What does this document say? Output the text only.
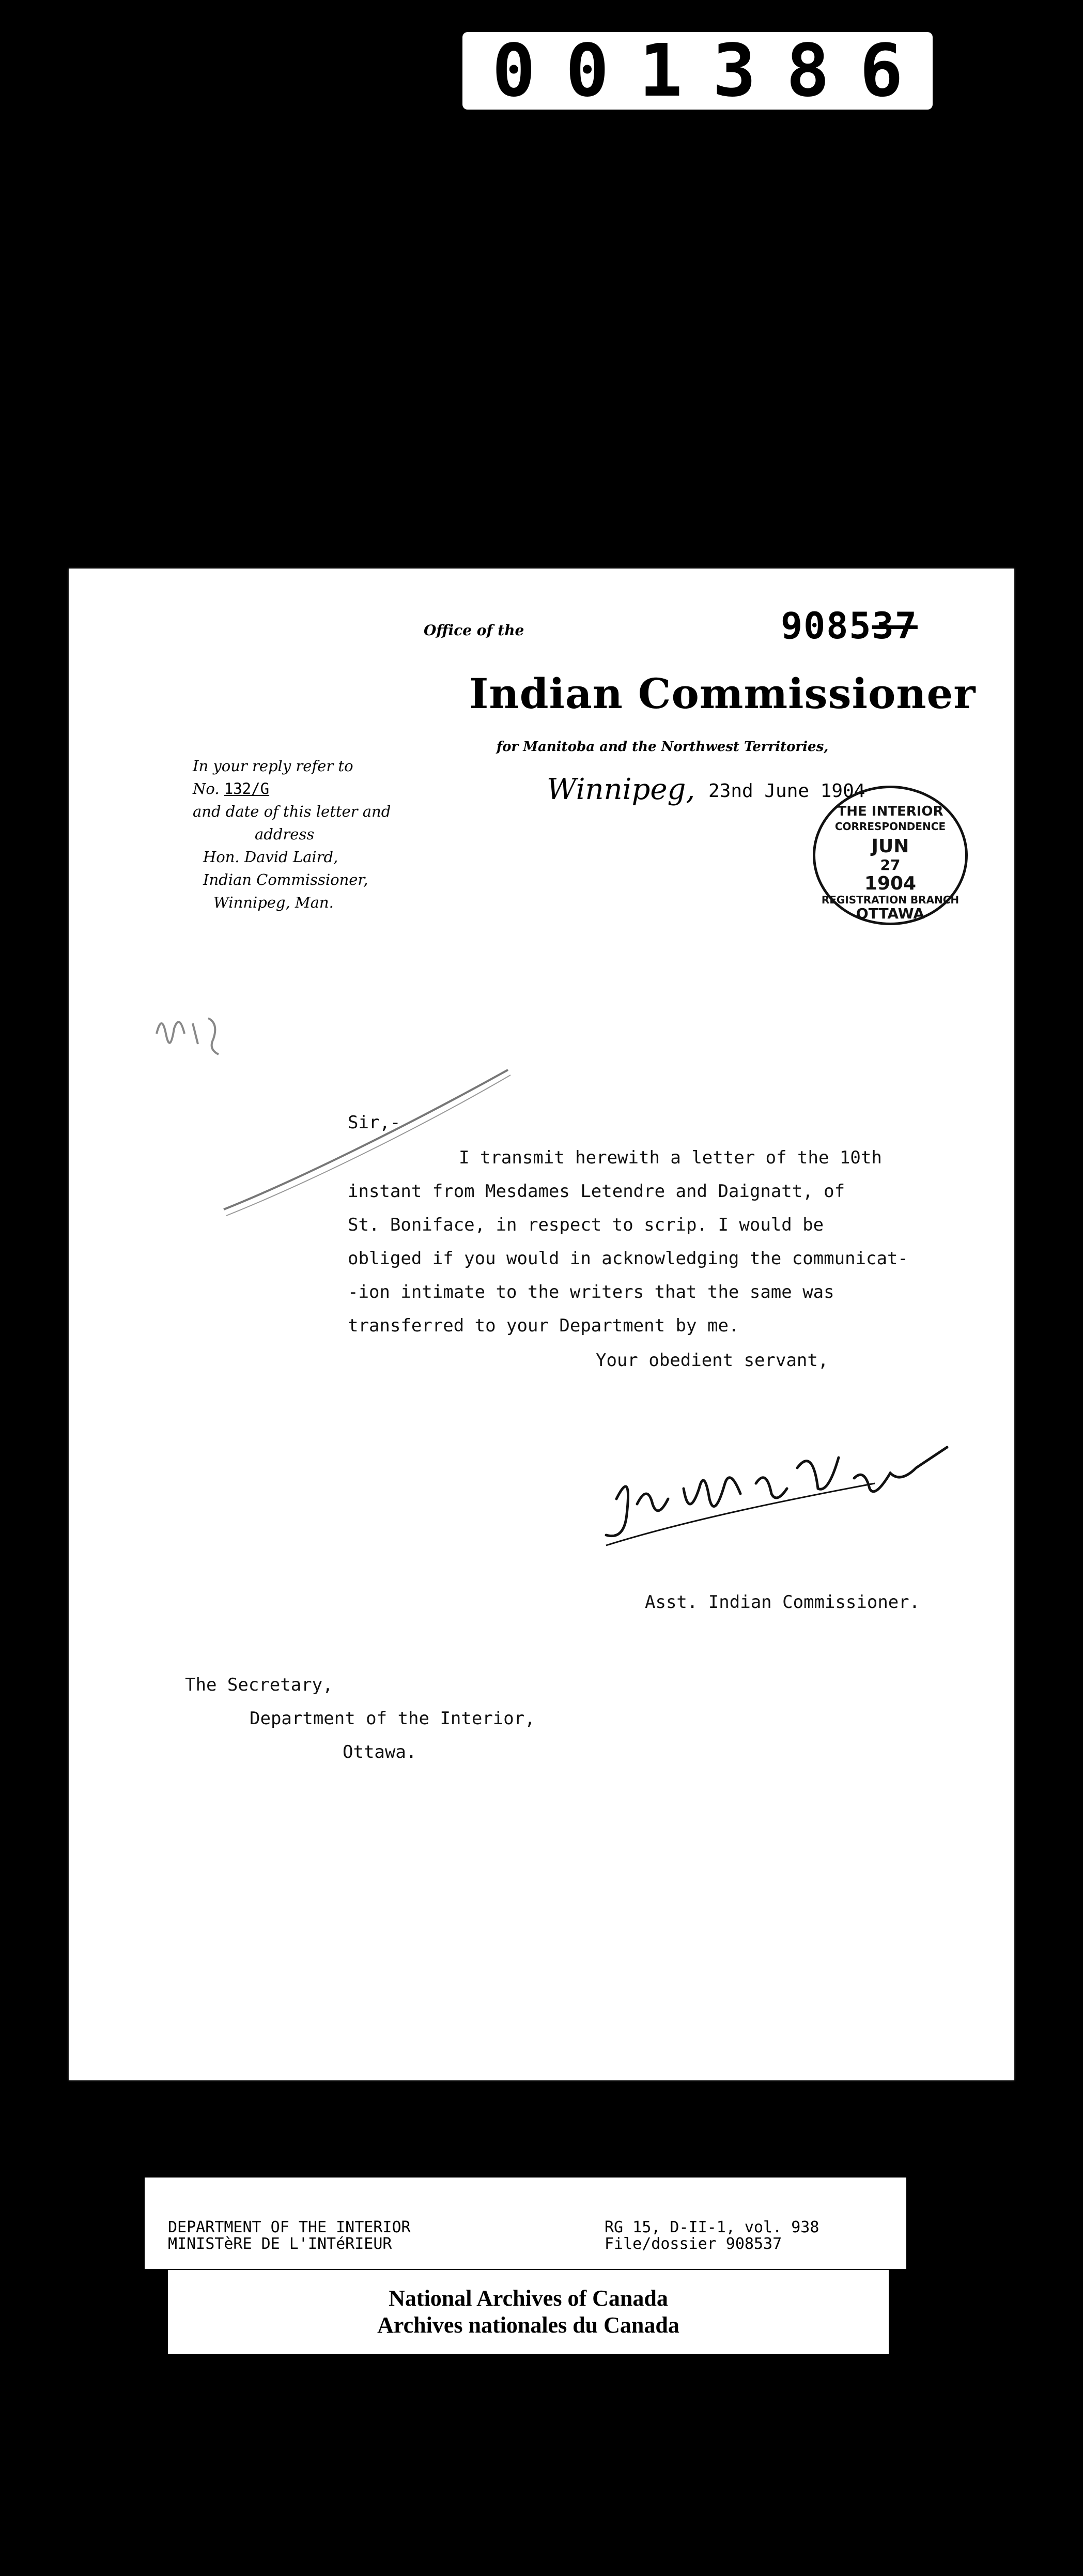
001386
Office of the	908537
Indian Commissioner
for Manitoba and the Northwest Territories,
Winnipeg, 23nd June 1904
In your reply refer to
No. 132/G
and date of this letter and
address
Hon. David Laird,
Indian Commissioner,
Winnipeg, Man.
THE INTERIOR
CORRESPONDENCE
JUN
27
1904
REGISTRATION BRANCH
OTTAWA
Sir,-
I transmit herewith a letter of the 10th
instant from Mesdames Letendre and Daignatt, of
St. Boniface, in respect to scrip. I would be
obliged if you would in acknowledging the communicat-
-ion intimate to the writers that the same was
transferred to your Department by me.
Your obedient servant,
Asst. Indian Commissioner.
The Secretary,
Department of the Interior,
Ottawa.
DEPARTMENT OF THE INTERIOR
MINISTèRE DE L'INTéRIEUR
RG 15, D-II-1, vol. 938
File/dossier 908537
National Archives of Canada
Archives nationales du Canada
